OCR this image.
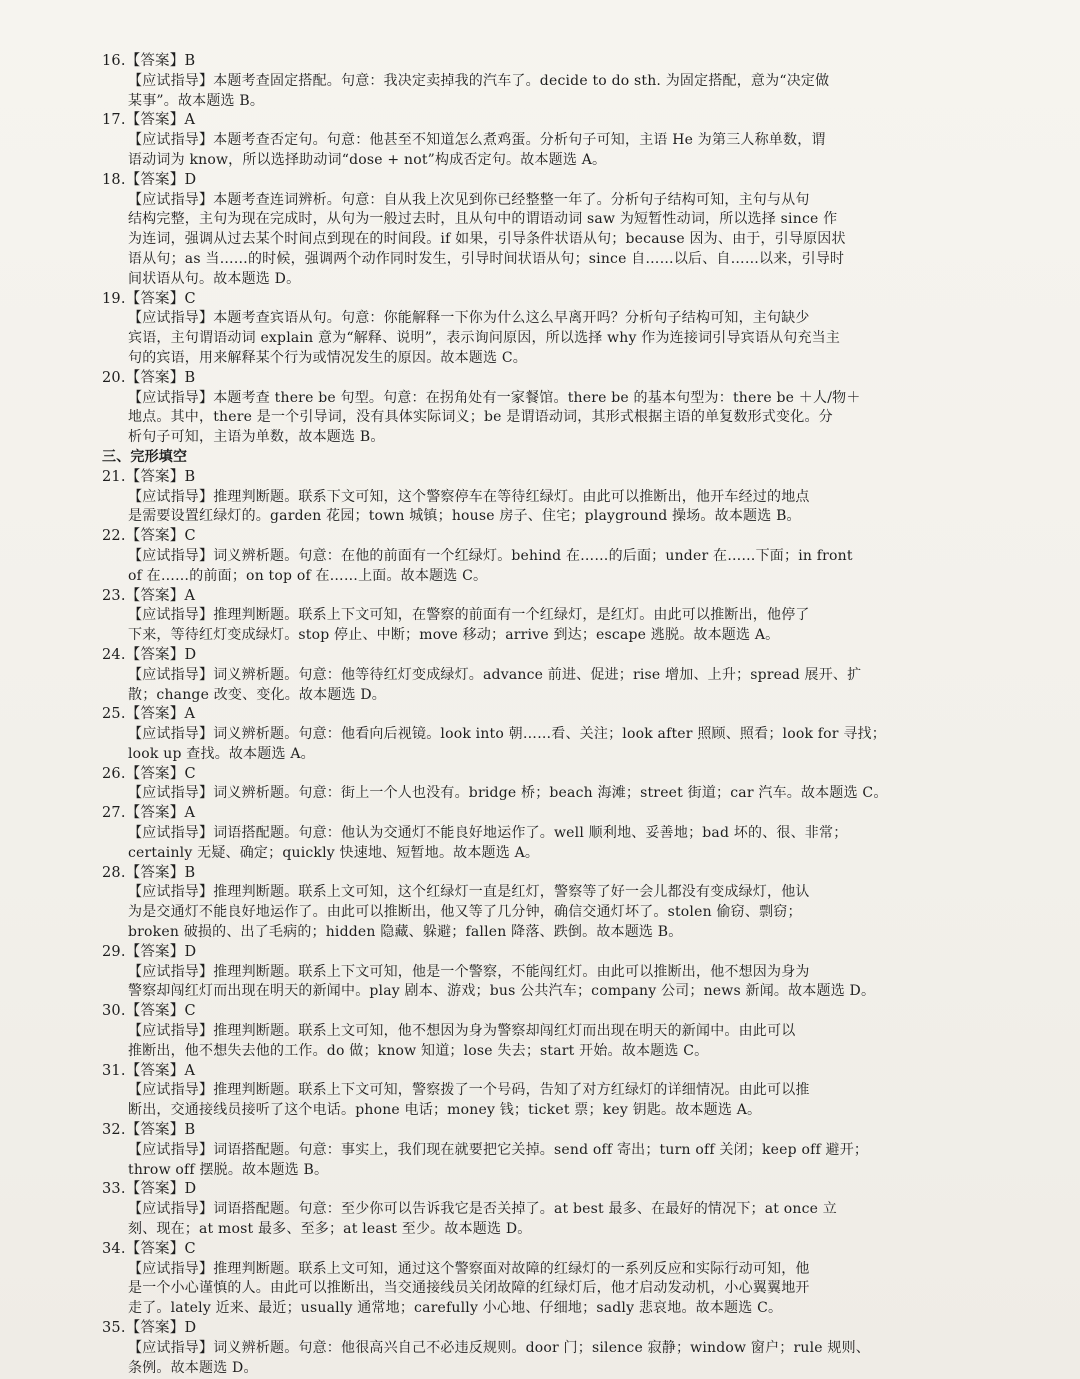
16.【答案】B
【应试指导】本题考查固定搭配。句意：我决定卖掉我的汽车了。decide to do sth. 为固定搭配，意为“决定做
某事”。故本题选 B。
17.【答案】A
【应试指导】本题考查否定句。句意：他甚至不知道怎么煮鸡蛋。分析句子可知，主语 He 为第三人称单数，谓
语动词为 know，所以选择助动词“dose + not”构成否定句。故本题选 A。
18.【答案】D
【应试指导】本题考查连词辨析。句意：自从我上次见到你已经整整一年了。分析句子结构可知，主句与从句
结构完整，主句为现在完成时，从句为一般过去时，且从句中的谓语动词 saw 为短暂性动词，所以选择 since 作
为连词，强调从过去某个时间点到现在的时间段。if 如果，引导条件状语从句；because 因为、由于，引导原因状
语从句；as 当……的时候，强调两个动作同时发生，引导时间状语从句；since 自……以后、自……以来，引导时
间状语从句。故本题选 D。
19.【答案】C
【应试指导】本题考查宾语从句。句意：你能解释一下你为什么这么早离开吗？分析句子结构可知，主句缺少
宾语，主句谓语动词 explain 意为“解释、说明”，表示询问原因，所以选择 why 作为连接词引导宾语从句充当主
句的宾语，用来解释某个行为或情况发生的原因。故本题选 C。
20.【答案】B
【应试指导】本题考查 there be 句型。句意：在拐角处有一家餐馆。there be 的基本句型为：there be ＋人/物＋
地点。其中，there 是一个引导词，没有具体实际词义；be 是谓语动词，其形式根据主语的单复数形式变化。分
析句子可知，主语为单数，故本题选 B。
三、完形填空
21.【答案】B
【应试指导】推理判断题。联系下文可知，这个警察停车在等待红绿灯。由此可以推断出，他开车经过的地点
是需要设置红绿灯的。garden 花园；town 城镇；house 房子、住宅；playground 操场。故本题选 B。
22.【答案】C
【应试指导】词义辨析题。句意：在他的前面有一个红绿灯。behind 在……的后面；under 在……下面；in front
of 在……的前面；on top of 在……上面。故本题选 C。
23.【答案】A
【应试指导】推理判断题。联系上下文可知，在警察的前面有一个红绿灯，是红灯。由此可以推断出，他停了
下来，等待红灯变成绿灯。stop 停止、中断；move 移动；arrive 到达；escape 逃脱。故本题选 A。
24.【答案】D
【应试指导】词义辨析题。句意：他等待红灯变成绿灯。advance 前进、促进；rise 增加、上升；spread 展开、扩
散；change 改变、变化。故本题选 D。
25.【答案】A
【应试指导】词义辨析题。句意：他看向后视镜。look into 朝……看、关注；look after 照顾、照看；look for 寻找；
look up 查找。故本题选 A。
26.【答案】C
【应试指导】词义辨析题。句意：街上一个人也没有。bridge 桥；beach 海滩；street 街道；car 汽车。故本题选 C。
27.【答案】A
【应试指导】词语搭配题。句意：他认为交通灯不能良好地运作了。well 顺利地、妥善地；bad 坏的、很、非常；
certainly 无疑、确定；quickly 快速地、短暂地。故本题选 A。
28.【答案】B
【应试指导】推理判断题。联系上文可知，这个红绿灯一直是红灯，警察等了好一会儿都没有变成绿灯，他认
为是交通灯不能良好地运作了。由此可以推断出，他又等了几分钟，确信交通灯坏了。stolen 偷窃、剽窃；
broken 破损的、出了毛病的；hidden 隐藏、躲避；fallen 降落、跌倒。故本题选 B。
29.【答案】D
【应试指导】推理判断题。联系上下文可知，他是一个警察，不能闯红灯。由此可以推断出，他不想因为身为
警察却闯红灯而出现在明天的新闻中。play 剧本、游戏；bus 公共汽车；company 公司；news 新闻。故本题选 D。
30.【答案】C
【应试指导】推理判断题。联系上文可知，他不想因为身为警察却闯红灯而出现在明天的新闻中。由此可以
推断出，他不想失去他的工作。do 做；know 知道；lose 失去；start 开始。故本题选 C。
31.【答案】A
【应试指导】推理判断题。联系上下文可知，警察拨了一个号码，告知了对方红绿灯的详细情况。由此可以推
断出，交通接线员接听了这个电话。phone 电话；money 钱；ticket 票；key 钥匙。故本题选 A。
32.【答案】B
【应试指导】词语搭配题。句意：事实上，我们现在就要把它关掉。send off 寄出；turn off 关闭；keep off 避开；
throw off 摆脱。故本题选 B。
33.【答案】D
【应试指导】词语搭配题。句意：至少你可以告诉我它是否关掉了。at best 最多、在最好的情况下；at once 立
刻、现在；at most 最多、至多；at least 至少。故本题选 D。
34.【答案】C
【应试指导】推理判断题。联系上文可知，通过这个警察面对故障的红绿灯的一系列反应和实际行动可知，他
是一个小心谨慎的人。由此可以推断出，当交通接线员关闭故障的红绿灯后，他才启动发动机，小心翼翼地开
走了。lately 近来、最近；usually 通常地；carefully 小心地、仔细地；sadly 悲哀地。故本题选 C。
35.【答案】D
【应试指导】词义辨析题。句意：他很高兴自己不必违反规则。door 门；silence 寂静；window 窗户；rule 规则、
条例。故本题选 D。
